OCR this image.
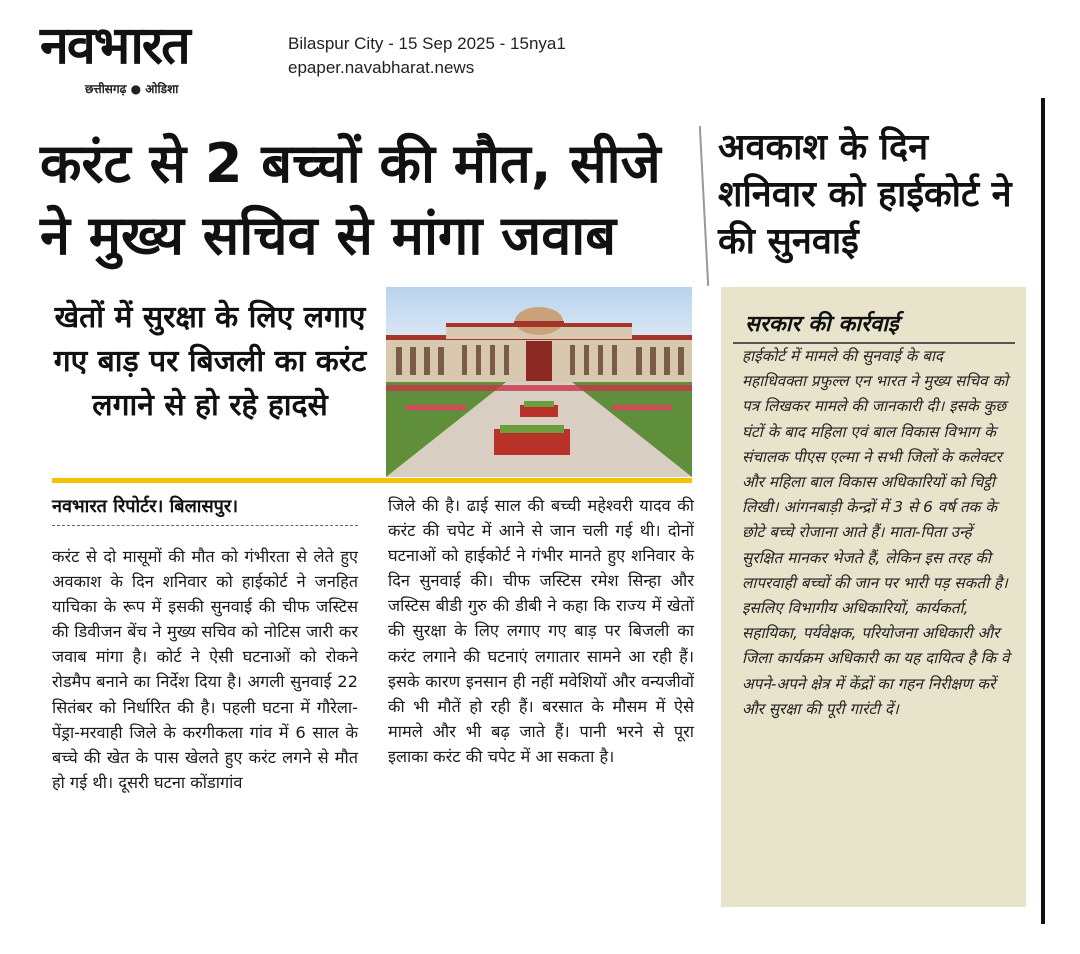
नवभारत
छत्तीसगढ़ ● ओडिशा
Bilaspur City - 15 Sep 2025 - 15nya1
epaper.navabharat.news
करंट से 2 बच्चों की मौत, सीजे ने मुख्य सचिव से मांगा जवाब
अवकाश के दिन शनिवार को हाईकोर्ट ने की सुनवाई
खेतों में सुरक्षा के लिए लगाए गए बाड़ पर बिजली का करंट लगाने से हो रहे हादसे
नवभारत रिपोर्टर। बिलासपुर।
करंट से दो मासूमों की मौत को गंभीरता से लेते हुए अवकाश के दिन शनिवार को हाईकोर्ट ने जनहित याचिका के रूप में इसकी सुनवाई की चीफ जस्टिस की डिवीजन बेंच ने मुख्य सचिव को नोटिस जारी कर जवाब मांगा है। कोर्ट ने ऐसी घटनाओं को रोकने रोडमैप बनाने का निर्देश दिया है। अगली सुनवाई 22 सितंबर को निर्धारित की है। पहली घटना में गौरेला-पेंड्रा-मरवाही जिले के करगीकला गांव में 6 साल के बच्चे की खेत के पास खेलते हुए करंट लगने से मौत हो गई थी। दूसरी घटना कोंडागांव
जिले की है। ढाई साल की बच्ची महेश्वरी यादव की करंट की चपेट में आने से जान चली गई थी। दोनों घटनाओं को हाईकोर्ट ने गंभीर मानते हुए शनिवार के दिन सुनवाई की। चीफ जस्टिस रमेश सिन्हा और जस्टिस बीडी गुरु की डीबी ने कहा कि राज्य में खेतों की सुरक्षा के लिए लगाए गए बाड़ पर बिजली का करंट लगाने की घटनाएं लगातार सामने आ रही हैं। इसके कारण इनसान ही नहीं मवेशियों और वन्यजीवों की भी मौतें हो रही हैं। बरसात के मौसम में ऐसे मामले और भी बढ़ जाते हैं। पानी भरने से पूरा इलाका करंट की चपेट में आ सकता है।
सरकार की कार्रवाई
हाईकोर्ट में मामले की सुनवाई के बाद महाधिवक्ता प्रफुल्ल एन भारत ने मुख्य सचिव को पत्र लिखकर मामले की जानकारी दी। इसके कुछ घंटों के बाद महिला एवं बाल विकास विभाग के संचालक पीएस एल्मा ने सभी जिलों के कलेक्टर और महिला बाल विकास अधिकारियों को चिट्ठी लिखी। आंगनबाड़ी केन्द्रों में 3 से 6 वर्ष तक के छोटे बच्चे रोजाना आते हैं। माता-पिता उन्हें सुरक्षित मानकर भेजते हैं, लेकिन इस तरह की लापरवाही बच्चों की जान पर भारी पड़ सकती है। इसलिए विभागीय अधिकारियों, कार्यकर्ता, सहायिका, पर्यवेक्षक, परियोजना अधिकारी और जिला कार्यक्रम अधिकारी का यह दायित्व है कि वे अपने-अपने क्षेत्र में केंद्रों का गहन निरीक्षण करें और सुरक्षा की पूरी गारंटी दें।
